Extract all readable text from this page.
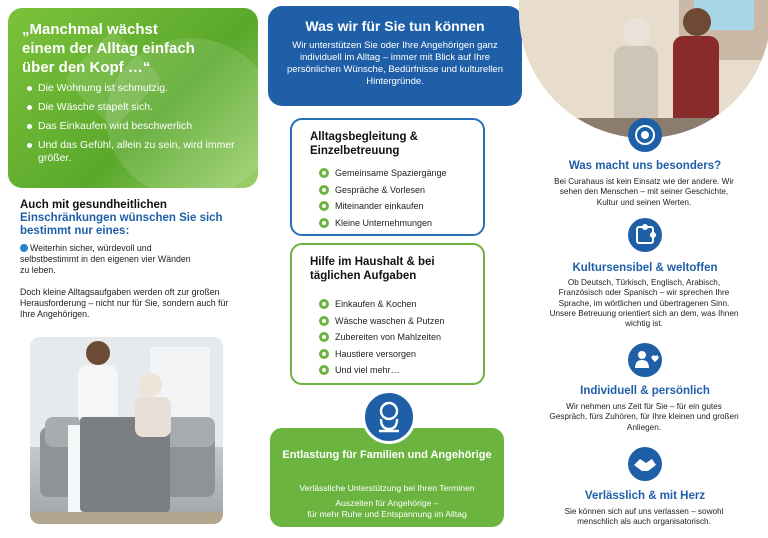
„Manchmal wächst einem der Alltag einfach über den Kopf …“
Die Wohnung ist schmutzig.
Die Wäsche stapelt sich.
Das Einkaufen wird beschwerlich
Und das Gefühl, allein zu sein, wird immer größer.
Auch mit gesundheitlichen
Einschränkungen wünschen Sie sich bestimmt nur eines:
Weiterhin sicher, würdevoll und selbstbestimmt in den eigenen vier Wänden zu leben.
Doch kleine Alltagsaufgaben werden oft zur großen Herausforderung – nicht nur für Sie, sondern auch für Ihre Angehörigen.
Was wir für Sie tun können
Wir unterstützen Sie oder Ihre Angehörigen ganz individuell im Alltag – immer mit Blick auf Ihre persönlichen Wünsche, Bedürfnisse und kulturellen Hintergründe.
Alltagsbegleitung & Einzelbetreuung
Gemeinsame Spaziergänge
Gespräche & Vorlesen
Miteinander einkaufen
Kleine Unternehmungen
Hilfe im Haushalt & bei täglichen Aufgaben
Einkaufen & Kochen
Wäsche waschen & Putzen
Zubereiten von Mahlzeiten
Haustiere versorgen
Und viel mehr…
Entlastung für Familien und Angehörige
Verlässliche Unterstützung bei Ihren Terminen
Auszeiten für Angehörige –
für mehr Ruhe und Entspannung im Alltag
Was macht uns besonders?
Bei Curahaus ist kein Einsatz wie der andere. Wir sehen den Menschen – mit seiner Geschichte, Kultur und seinen Werten.
Kultursensibel & weltoffen
Ob Deutsch, Türkisch, Englisch, Arabisch, Französisch oder Spanisch – wir sprechen Ihre Sprache, im wörtlichen und übertragenen Sinn. Unsere Betreuung orientiert sich an dem, was Ihnen wichtig ist.
Individuell & persönlich
Wir nehmen uns Zeit für Sie – für ein gutes Gespräch, fürs Zuhören, für Ihre kleinen und großen Anliegen.
Verlässlich & mit Herz
Sie können sich auf uns verlassen – sowohl menschlich als auch organisatorisch.
